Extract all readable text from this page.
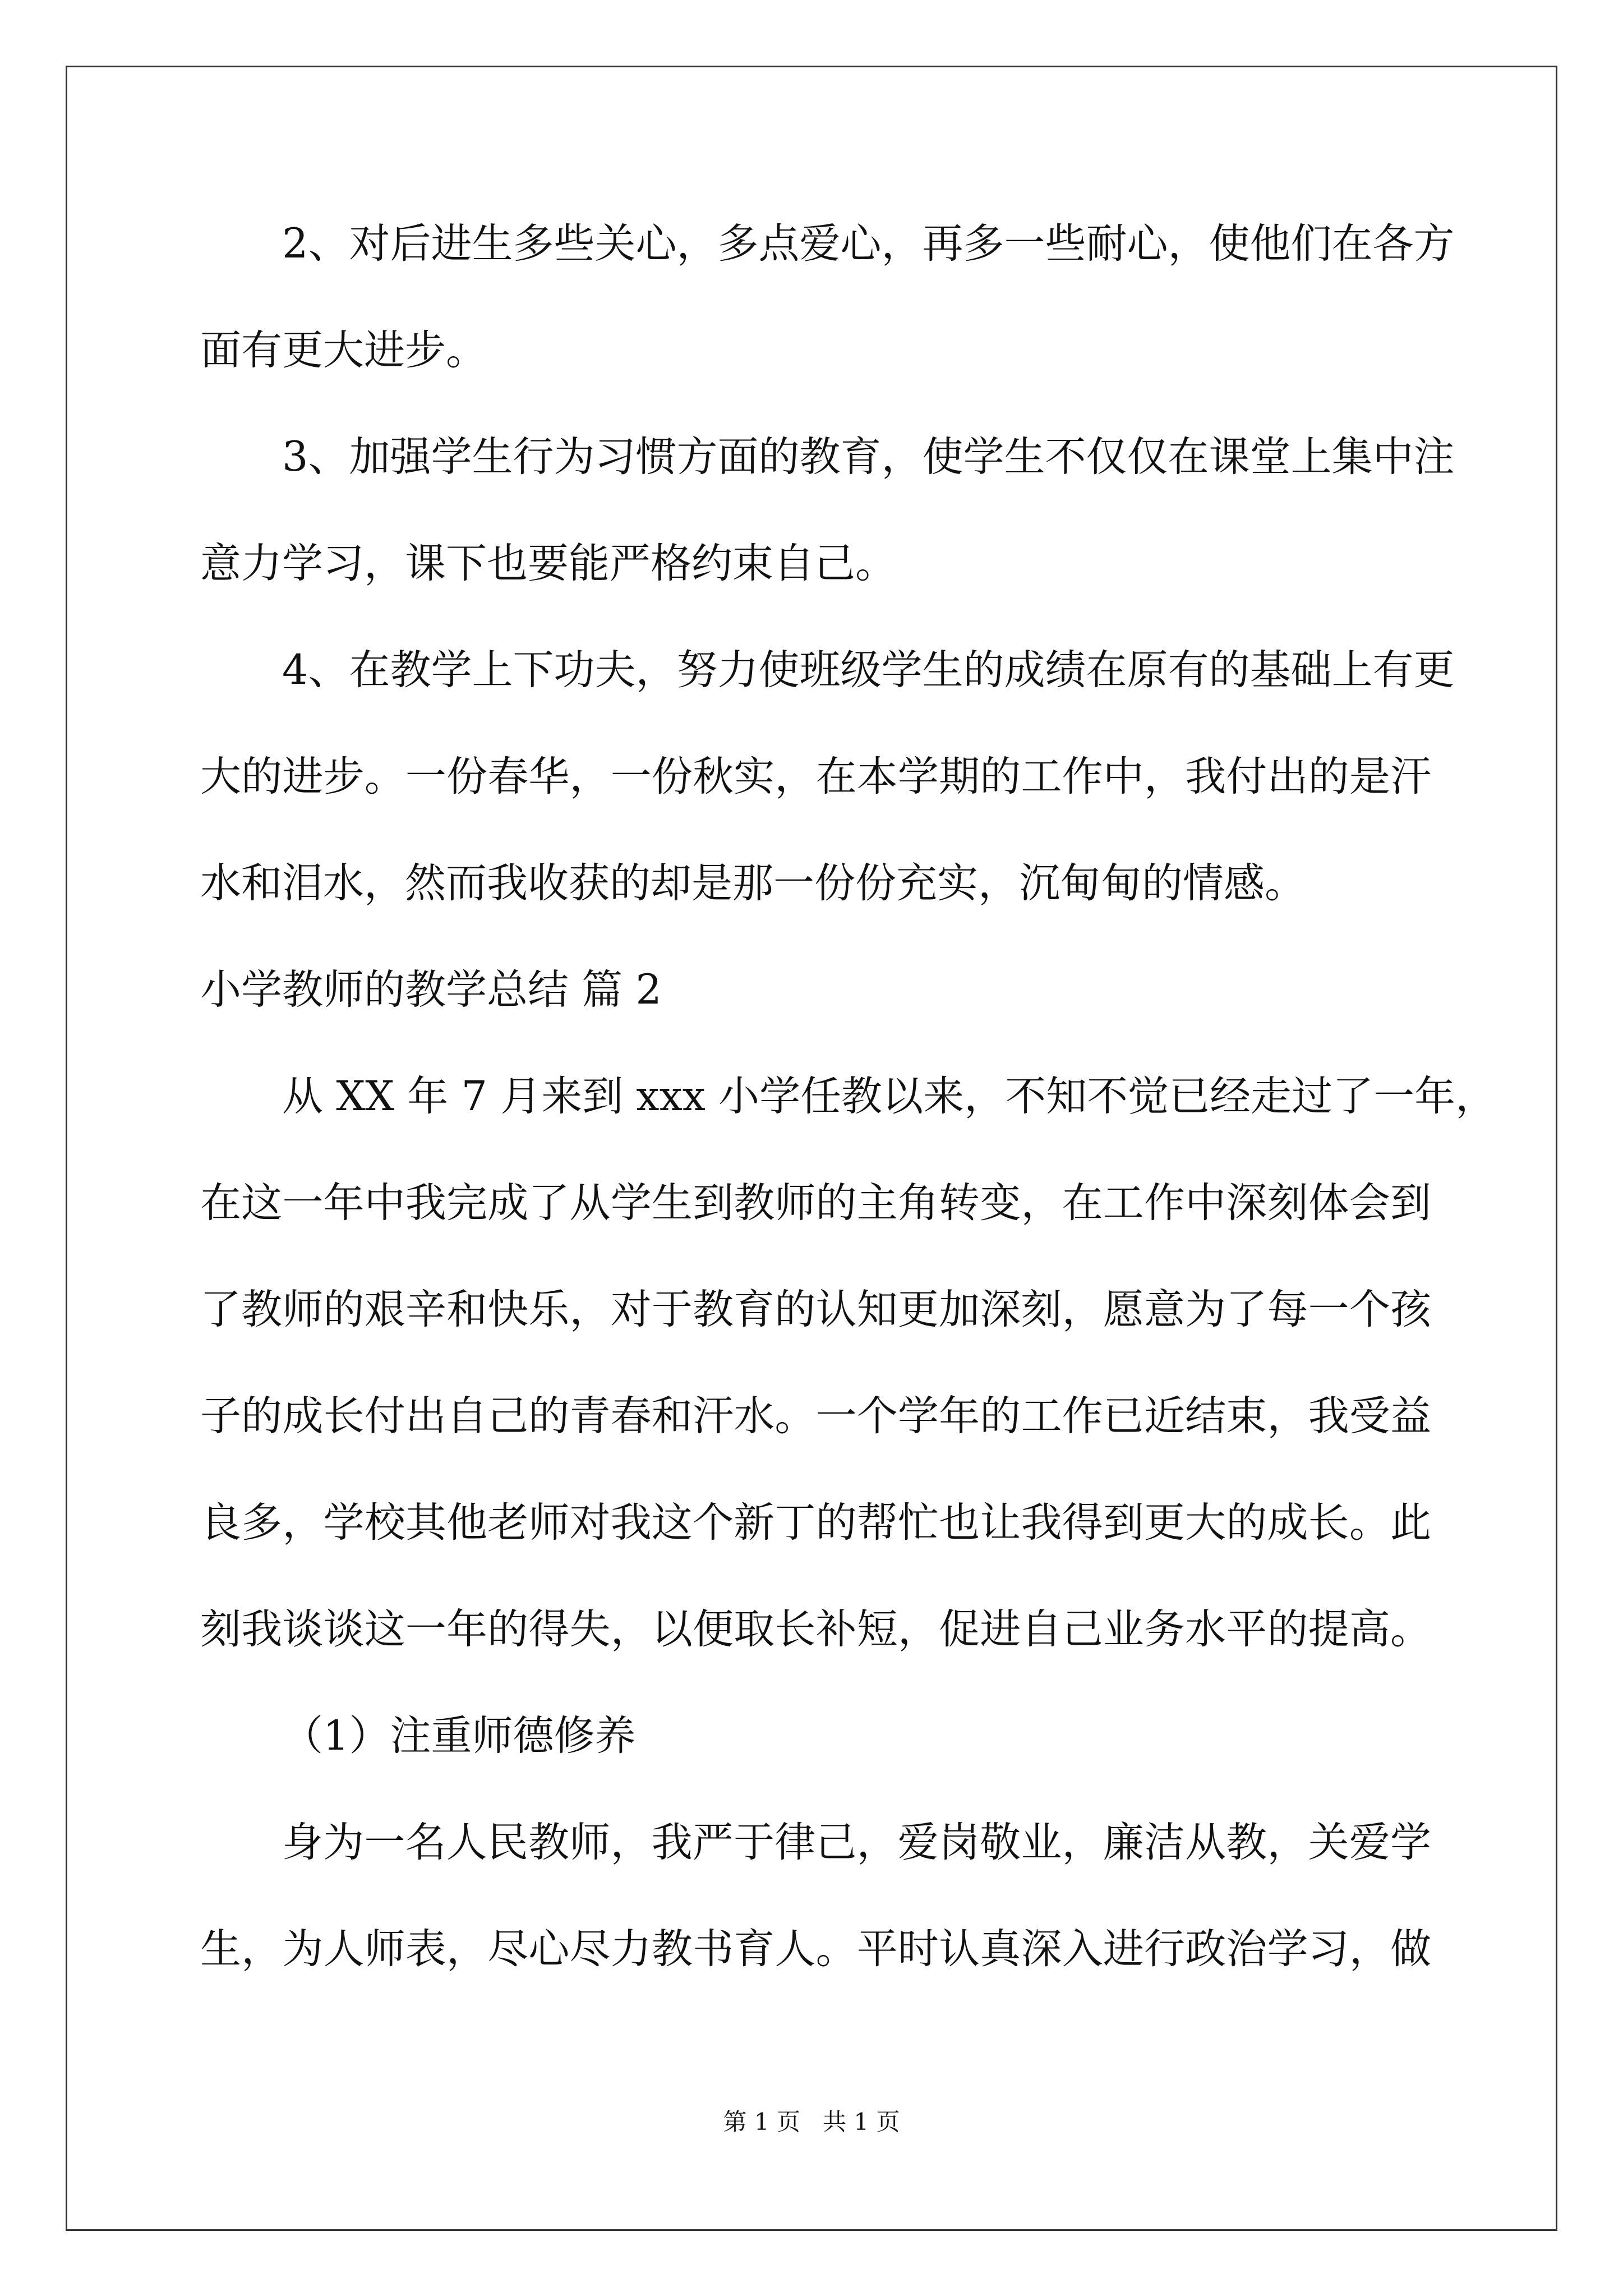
2、对后进生多些关心，多点爱心，再多一些耐心，使他们在各方
面有更大进步。
3、加强学生行为习惯方面的教育，使学生不仅仅在课堂上集中注
意力学习，课下也要能严格约束自己。
4、在教学上下功夫，努力使班级学生的成绩在原有的基础上有更
大的进步。一份春华，一份秋实，在本学期的工作中，我付出的是汗
水和泪水，然而我收获的却是那一份份充实，沉甸甸的情感。
小学教师的教学总结 篇 2
从 XX 年 7 月来到 xxx 小学任教以来，不知不觉已经走过了一年，
在这一年中我完成了从学生到教师的主角转变，在工作中深刻体会到
了教师的艰辛和快乐，对于教育的认知更加深刻，愿意为了每一个孩
子的成长付出自己的青春和汗水。一个学年的工作已近结束，我受益
良多，学校其他老师对我这个新丁的帮忙也让我得到更大的成长。此
刻我谈谈这一年的得失，以便取长补短，促进自己业务水平的提高。
（1）注重师德修养
身为一名人民教师，我严于律己，爱岗敬业，廉洁从教，关爱学
生，为人师表，尽心尽力教书育人。平时认真深入进行政治学习，做
第 1 页   共 1 页
